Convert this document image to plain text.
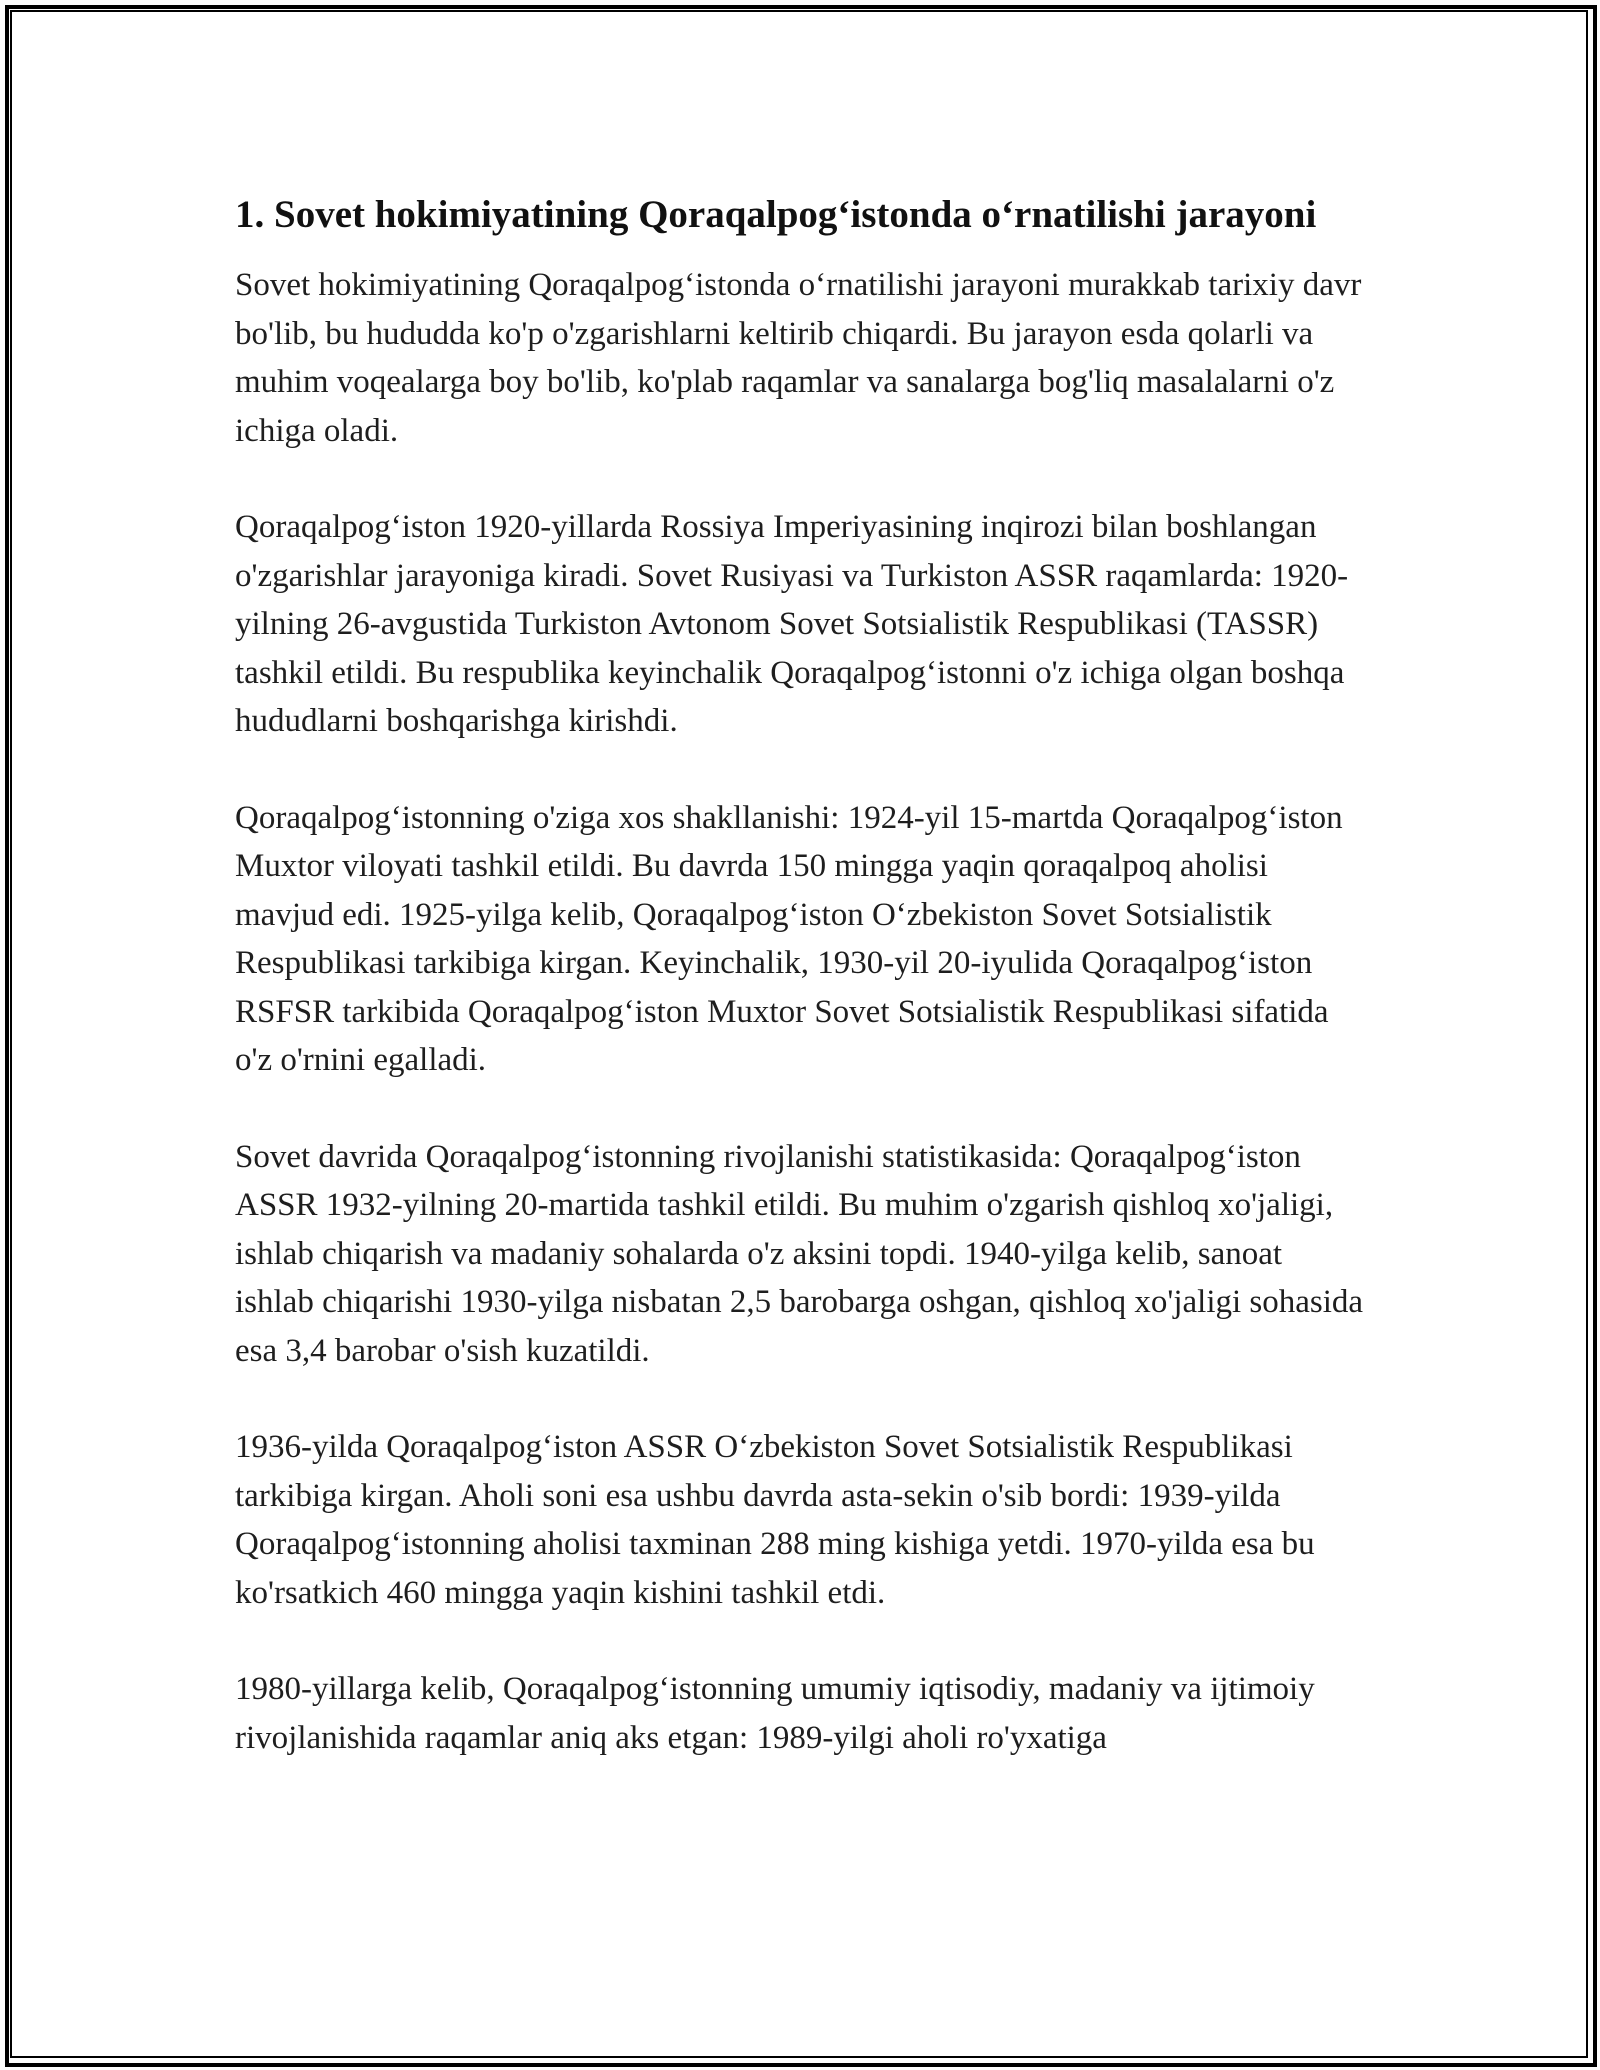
1. Sovet hokimiyatining Qoraqalpog‘istonda o‘rnatilishi jarayoni

Sovet hokimiyatining Qoraqalpog‘istonda o‘rnatilishi jarayoni murakkab tarixiy davr bo'lib, bu hududda ko'p o'zgarishlarni keltirib chiqardi. Bu jarayon esda qolarli va muhim voqealarga boy bo'lib, ko'plab raqamlar va sanalarga bog'liq masalalarni o'z ichiga oladi.

Qoraqalpog‘iston 1920-yillarda Rossiya Imperiyasining inqirozi bilan boshlangan o'zgarishlar jarayoniga kiradi. Sovet Rusiyasi va Turkiston ASSR raqamlarda: 1920-yilning 26-avgustida Turkiston Avtonom Sovet Sotsialistik Respublikasi (TASSR) tashkil etildi. Bu respublika keyinchalik Qoraqalpog‘istonni o'z ichiga olgan boshqa hududlarni boshqarishga kirishdi.

Qoraqalpog‘istonning o'ziga xos shakllanishi: 1924-yil 15-martda Qoraqalpog‘iston Muxtor viloyati tashkil etildi. Bu davrda 150 mingga yaqin qoraqalpoq aholisi mavjud edi. 1925-yilga kelib, Qoraqalpog‘iston O‘zbekiston Sovet Sotsialistik Respublikasi tarkibiga kirgan. Keyinchalik, 1930-yil 20-iyulida Qoraqalpog‘iston RSFSR tarkibida Qoraqalpog‘iston Muxtor Sovet Sotsialistik Respublikasi sifatida o'z o'rnini egalladi.

Sovet davrida Qoraqalpog‘istonning rivojlanishi statistikasida: Qoraqalpog‘iston ASSR 1932-yilning 20-martida tashkil etildi. Bu muhim o'zgarish qishloq xo'jaligi, ishlab chiqarish va madaniy sohalarda o'z aksini topdi. 1940-yilga kelib, sanoat ishlab chiqarishi 1930-yilga nisbatan 2,5 barobarga oshgan, qishloq xo'jaligi sohasida esa 3,4 barobar o'sish kuzatildi.

1936-yilda Qoraqalpog‘iston ASSR O‘zbekiston Sovet Sotsialistik Respublikasi tarkibiga kirgan. Aholi soni esa ushbu davrda asta-sekin o'sib bordi: 1939-yilda Qoraqalpog‘istonning aholisi taxminan 288 ming kishiga yetdi. 1970-yilda esa bu ko'rsatkich 460 mingga yaqin kishini tashkil etdi.

1980-yillarga kelib, Qoraqalpog‘istonning umumiy iqtisodiy, madaniy va ijtimoiy rivojlanishida raqamlar aniq aks etgan: 1989-yilgi aholi ro'yxatiga
